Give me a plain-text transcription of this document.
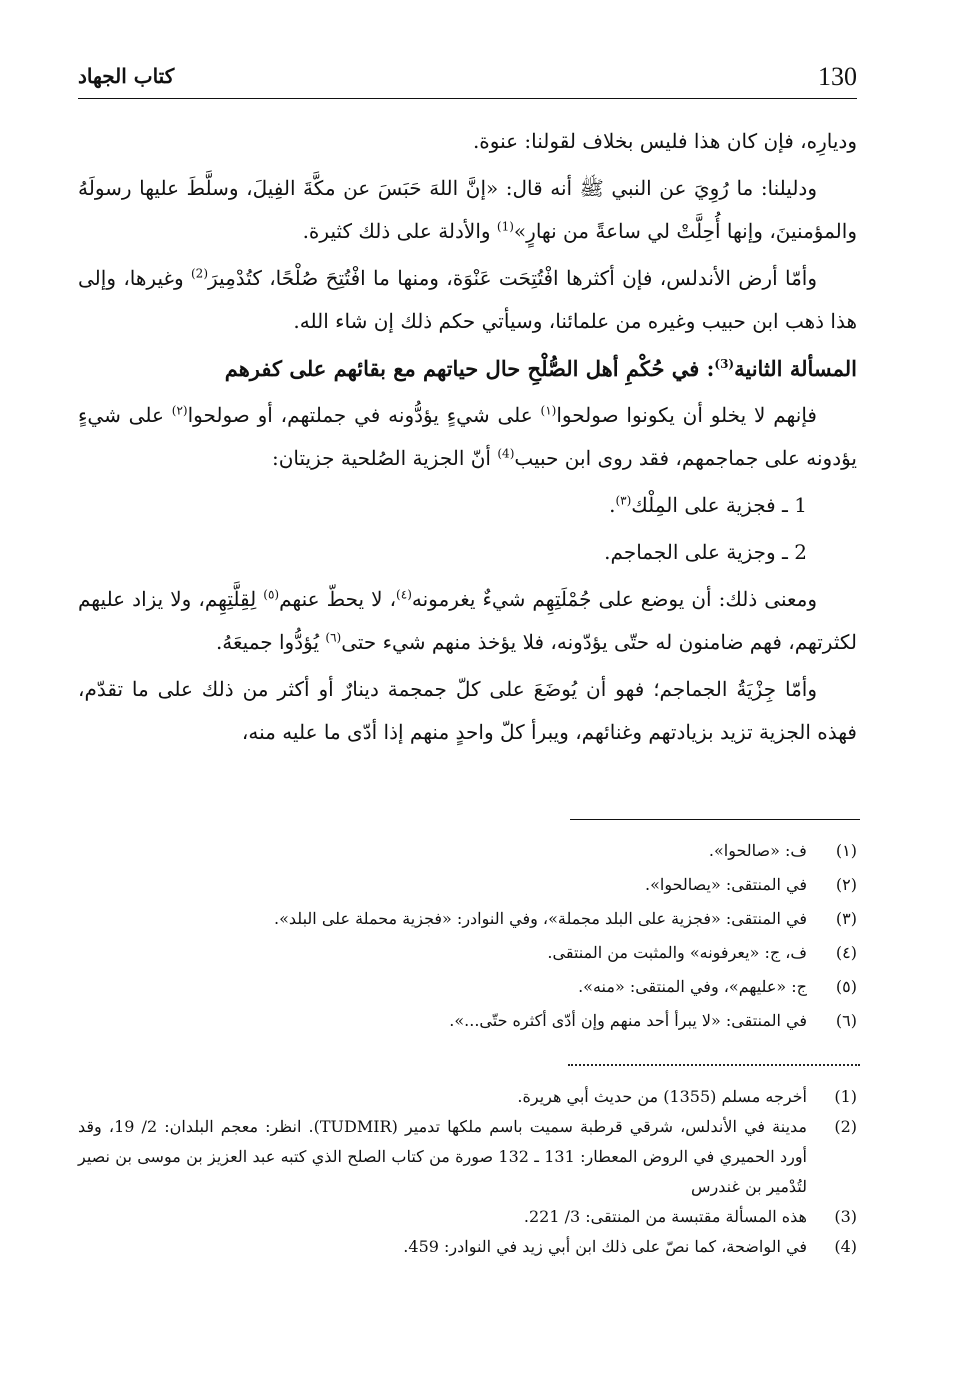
130
كتاب الجهاد

وديارِه، فإن كان هذا فليس بخلاف لقولنا: عنوة.

ودليلنا: ما رُوِيَ عن النبي ﷺ أنه قال: «إنَّ اللهَ حَبَسَ عن مكَّةَ الفِيلَ، وسلَّطَ عليها رسولَهُ والمؤمنينَ، وإنها أُحِلَّتْ لي ساعةً من نهارٍ»$^{(1)}$ والأدلة على ذلك كثيرة.

وأمّا أرض الأندلس، فإن أكثرها افْتُتِحَت عَنْوَة، ومنها ما افْتُتِحَ صُلْحًا، كتُدْمِيرَ$^{(2)}$ وغيرها، وإلى هذا ذهب ابن حبيب وغيره من علمائنا، وسيأتي حكم ذلك إن شاء الله.

المسألة الثانية$^{(3)}$: في حُكْمِ أهل الصُّلْحِ حال حياتهم مع بقائهم على كفرهم

فإنهم لا يخلو أن يكونوا صولحوا$^{(١)}$ على شيءٍ يؤدُّونه في جملتهم، أو صولحوا$^{(٢)}$ على شيءٍ يؤدونه على جماجمهم، فقد روى ابن حبيب$^{(4)}$ أنّ الجزية الصُلحية جزيتان:

1 ـ فجزية على المِلْك$^{(٣)}$.

2 ـ وجزية على الجماجم.

ومعنى ذلك: أن يوضع على جُمْلَتِهِم شيءٌ يغرمونه$^{(٤)}$، لا يحطّ عنهم$^{(٥)}$ لِقِلَّتِهِم، ولا يزاد عليهم لكثرتهم، فهم ضامنون له حتّى يؤدّونه، فلا يؤخذ منهم شيء حتى$^{(٦)}$ يُؤدُّوا جميعَهُ.

وأمّا جِزْيَةُ الجماجم؛ فهو أن يُوضَعَ على كلّ جمجمة دينارٌ أو أكثر من ذلك على ما تقدّم، فهذه الجزية تزيد بزيادتهم وغنائهم، ويبرأ كلّ واحدٍ منهم إذا أدّى ما عليه منه،

(١)
ف: «صالحوا».
(٢)
في المنتقى: «يصالحوا».
(٣)
في المنتقى: «فجزية على البلد مجملة»، وفي النوادر: «فجزية محملة على البلد».
(٤)
ف، ج: «يعرفونه» والمثبت من المنتقى.
(٥)
ج: «عليهم»، وفي المنتقى: «منه».
(٦)
في المنتقى: «لا يبرأ أحد منهم وإن أدّى أكثره حتّى...».
(1)
أخرجه مسلم (1355) من حديث أبي هريرة.
(2)
مدينة في الأندلس، شرقي قرطبة سميت باسم ملكها تدمير (TUDMIR). انظر: معجم البلدان: 2/ 19، وقد أورد الحميري في الروض المعطار: 131 ـ 132 صورة من كتاب الصلح الذي كتبه عبد العزيز بن موسى بن نصير لتُدْمير بن غندرس
(3)
هذه المسألة مقتبسة من المنتقى: 3/ 221.
(4)
في الواضحة، كما نصّ على ذلك ابن أبي زيد في النوادر: 459.
